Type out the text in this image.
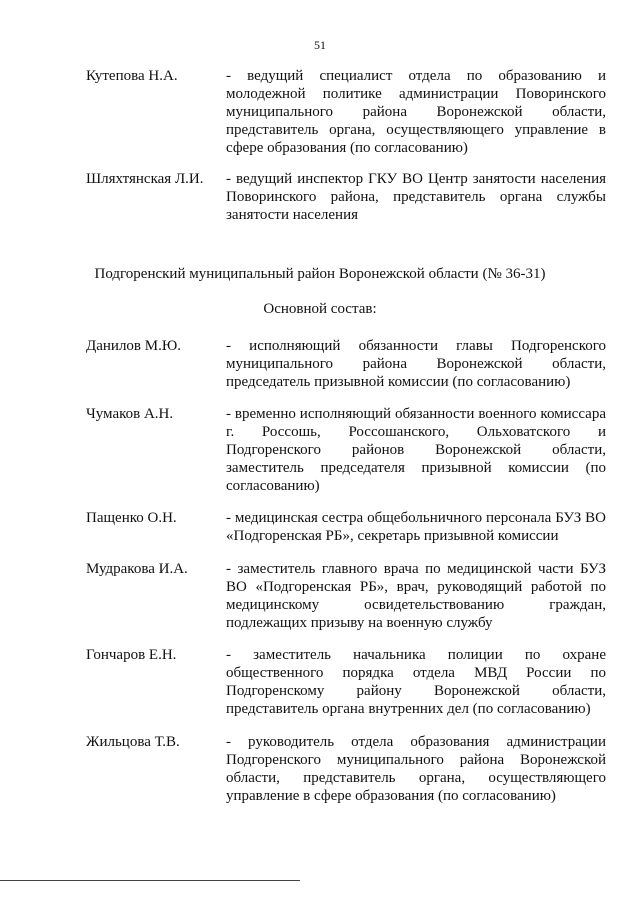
51
Кутепова Н.А.	- ведущий специалист отдела по образованию и молодежной политике администрации Поворинского муниципального района Воронежской области, представитель органа, осуществляющего управление в сфере образования (по согласованию)
Шляхтянская Л.И.	- ведущий инспектор ГКУ ВО Центр занятости населения Поворинского района, представитель органа службы занятости населения
Подгоренский муниципальный район Воронежской области (№ 36-31)
Основной состав:
Данилов М.Ю.	- исполняющий обязанности главы Подгоренского муниципального района Воронежской области, председатель призывной комиссии (по согласованию)
Чумаков А.Н.	- временно исполняющий обязанности военного комиссара г. Россошь, Россошанского, Ольховатского и Подгоренского районов Воронежской области, заместитель председателя призывной комиссии (по согласованию)
Пащенко О.Н.	- медицинская сестра общебольничного персонала БУЗ ВО «Подгоренская РБ», секретарь призывной комиссии
Мудракова И.А.	- заместитель главного врача по медицинской части БУЗ ВО «Подгоренская РБ», врач, руководящий работой по медицинскому освидетельствованию граждан, подлежащих призыву на военную службу
Гончаров Е.Н.	- заместитель начальника полиции по охране общественного порядка отдела МВД России по Подгоренскому району Воронежской области, представитель органа внутренних дел (по согласованию)
Жильцова Т.В.	- руководитель отдела образования администрации Подгоренского муниципального района Воронежской области, представитель органа, осуществляющего управление в сфере образования (по согласованию)
